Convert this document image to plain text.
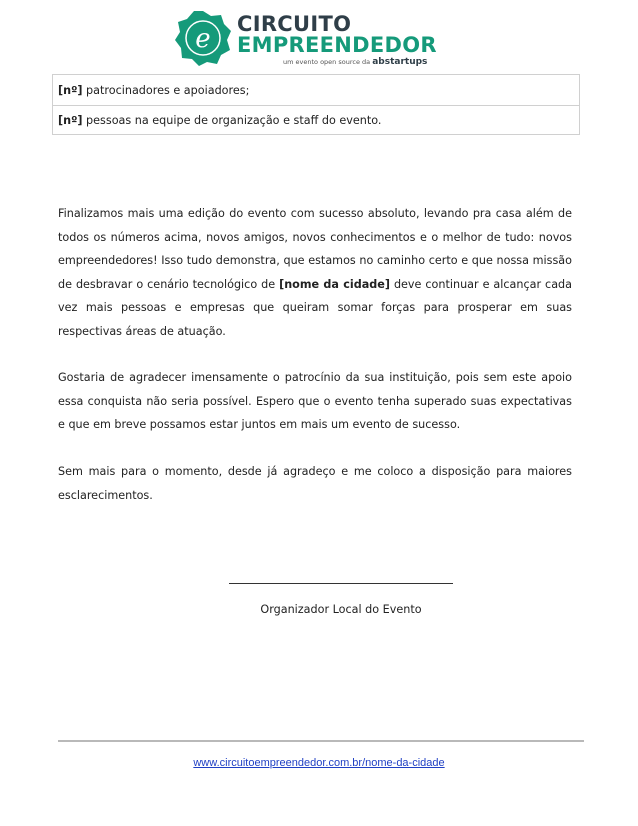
e CIRCUITO
EMPREENDEDOR
um evento open source da abstartups
[nº] patrocinadores e apoiadores;
[nº] pessoas na equipe de organização e staff do evento.
Finalizamos mais uma edição do evento com sucesso absoluto, levando pra casa além de todos os números acima, novos amigos, novos conhecimentos e o melhor de tudo: novos empreendedores! Isso tudo demonstra, que estamos no caminho certo e que nossa missão de desbravar o cenário tecnológico de [nome da cidade] deve continuar e alcançar cada vez mais pessoas e empresas que queiram somar forças para prosperar em suas respectivas áreas de atuação.
Gostaria de agradecer imensamente o patrocínio da sua instituição, pois sem este apoio essa conquista não seria possível. Espero que o evento tenha superado suas expectativas e que em breve possamos estar juntos em mais um evento de sucesso.
Sem mais para o momento, desde já agradeço e me coloco a disposição para maiores esclarecimentos.
Organizador Local do Evento
www.circuitoempreendedor.com.br/nome-da-cidade
